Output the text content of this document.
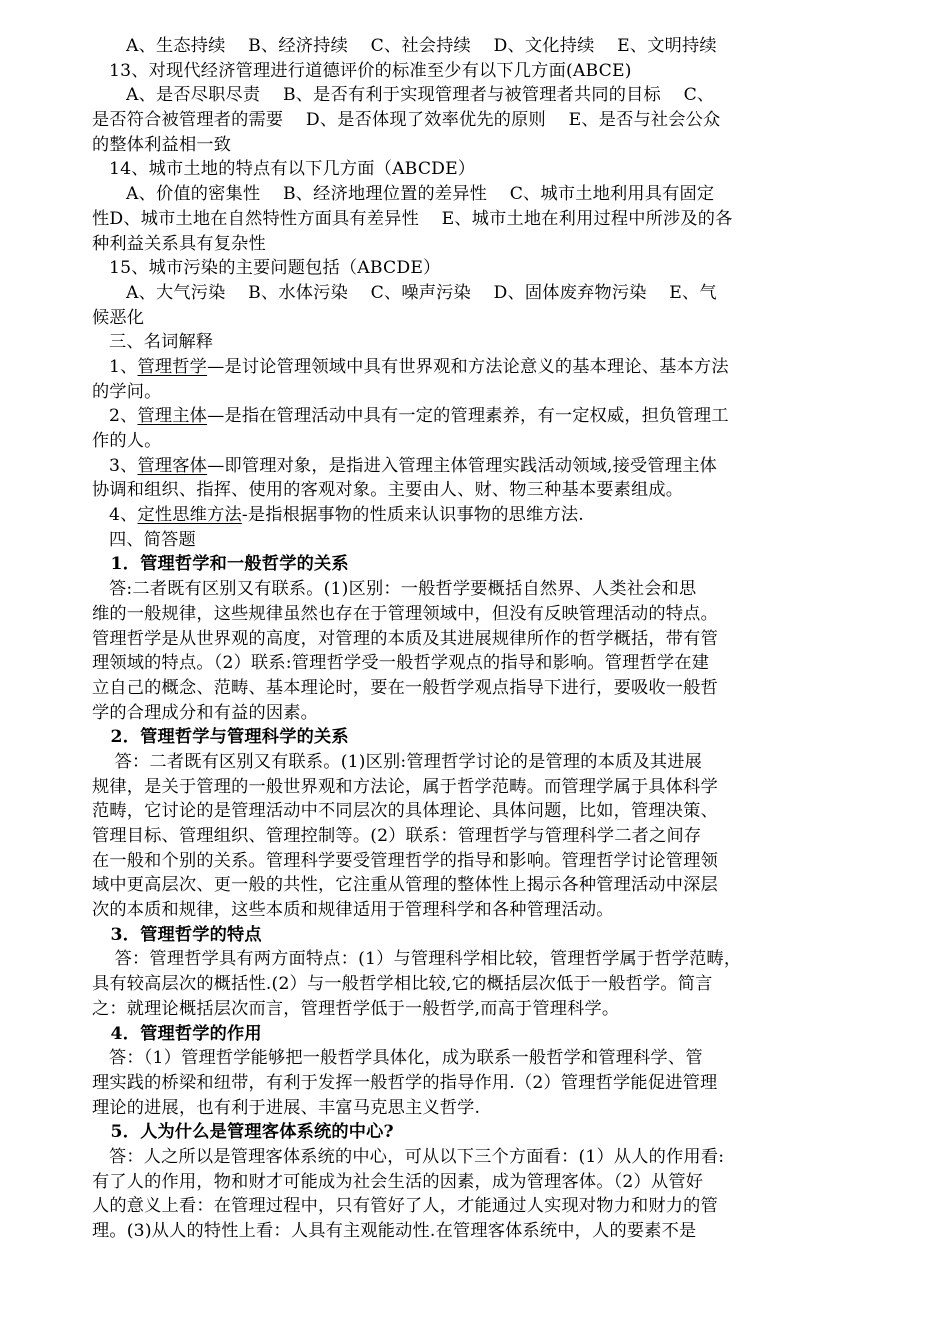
A、生态持续    B、经济持续    C、社会持续    D、文化持续    E、文明持续
13、对现代经济管理进行道德评价的标准至少有以下几方面(ABCE)
A、是否尽职尽责    B、是否有利于实现管理者与被管理者共同的目标    C、
是否符合被管理者的需要    D、是否体现了效率优先的原则    E、是否与社会公众
的整体利益相一致
14、城市土地的特点有以下几方面（ABCDE）
A、价值的密集性    B、经济地理位置的差异性    C、城市土地利用具有固定
性D、城市土地在自然特性方面具有差异性    E、城市土地在利用过程中所涉及的各
种利益关系具有复杂性
15、城市污染的主要问题包括（ABCDE）
A、大气污染    B、水体污染    C、噪声污染    D、固体废弃物污染    E、气
候恶化
三、名词解释
1、管理哲学—是讨论管理领域中具有世界观和方法论意义的基本理论、基本方法
的学问。
2、管理主体—是指在管理活动中具有一定的管理素养，有一定权威，担负管理工
作的人。
3、管理客体—即管理对象，是指进入管理主体管理实践活动领域,接受管理主体
协调和组织、指挥、使用的客观对象。主要由人、财、物三种基本要素组成。
4、定性思维方法-是指根据事物的性质来认识事物的思维方法.
四、简答题
1．管理哲学和一般哲学的关系
答:二者既有区别又有联系。(1)区别：一般哲学要概括自然界、人类社会和思
维的一般规律，这些规律虽然也存在于管理领域中，但没有反映管理活动的特点。
管理哲学是从世界观的高度，对管理的本质及其进展规律所作的哲学概括，带有管
理领域的特点。（2）联系:管理哲学受一般哲学观点的指导和影响。管理哲学在建
立自己的概念、范畴、基本理论时，要在一般哲学观点指导下进行，要吸收一般哲
学的合理成分和有益的因素。
2．管理哲学与管理科学的关系
答：二者既有区别又有联系。(1)区别:管理哲学讨论的是管理的本质及其进展
规律，是关于管理的一般世界观和方法论，属于哲学范畴。而管理学属于具体科学
范畴，它讨论的是管理活动中不同层次的具体理论、具体问题，比如，管理决策、
管理目标、管理组织、管理控制等。(2）联系：管理哲学与管理科学二者之间存
在一般和个别的关系。管理科学要受管理哲学的指导和影响。管理哲学讨论管理领
域中更高层次、更一般的共性，它注重从管理的整体性上揭示各种管理活动中深层
次的本质和规律，这些本质和规律适用于管理科学和各种管理活动。
3．管理哲学的特点
答：管理哲学具有两方面特点：(1）与管理科学相比较，管理哲学属于哲学范畴，
具有较高层次的概括性.(2）与一般哲学相比较,它的概括层次低于一般哲学。简言
之：就理论概括层次而言，管理哲学低于一般哲学,而高于管理科学。
4．管理哲学的作用
答：（1）管理哲学能够把一般哲学具体化，成为联系一般哲学和管理科学、管
理实践的桥梁和纽带，有利于发挥一般哲学的指导作用.（2）管理哲学能促进管理
理论的进展，也有利于进展、丰富马克思主义哲学.
5．人为什么是管理客体系统的中心?
答：人之所以是管理客体系统的中心，可从以下三个方面看：(1）从人的作用看:
有了人的作用，物和财才可能成为社会生活的因素，成为管理客体。（2）从管好
人的意义上看：在管理过程中，只有管好了人，才能通过人实现对物力和财力的管
理。(3)从人的特性上看：人具有主观能动性.在管理客体系统中，人的要素不是
